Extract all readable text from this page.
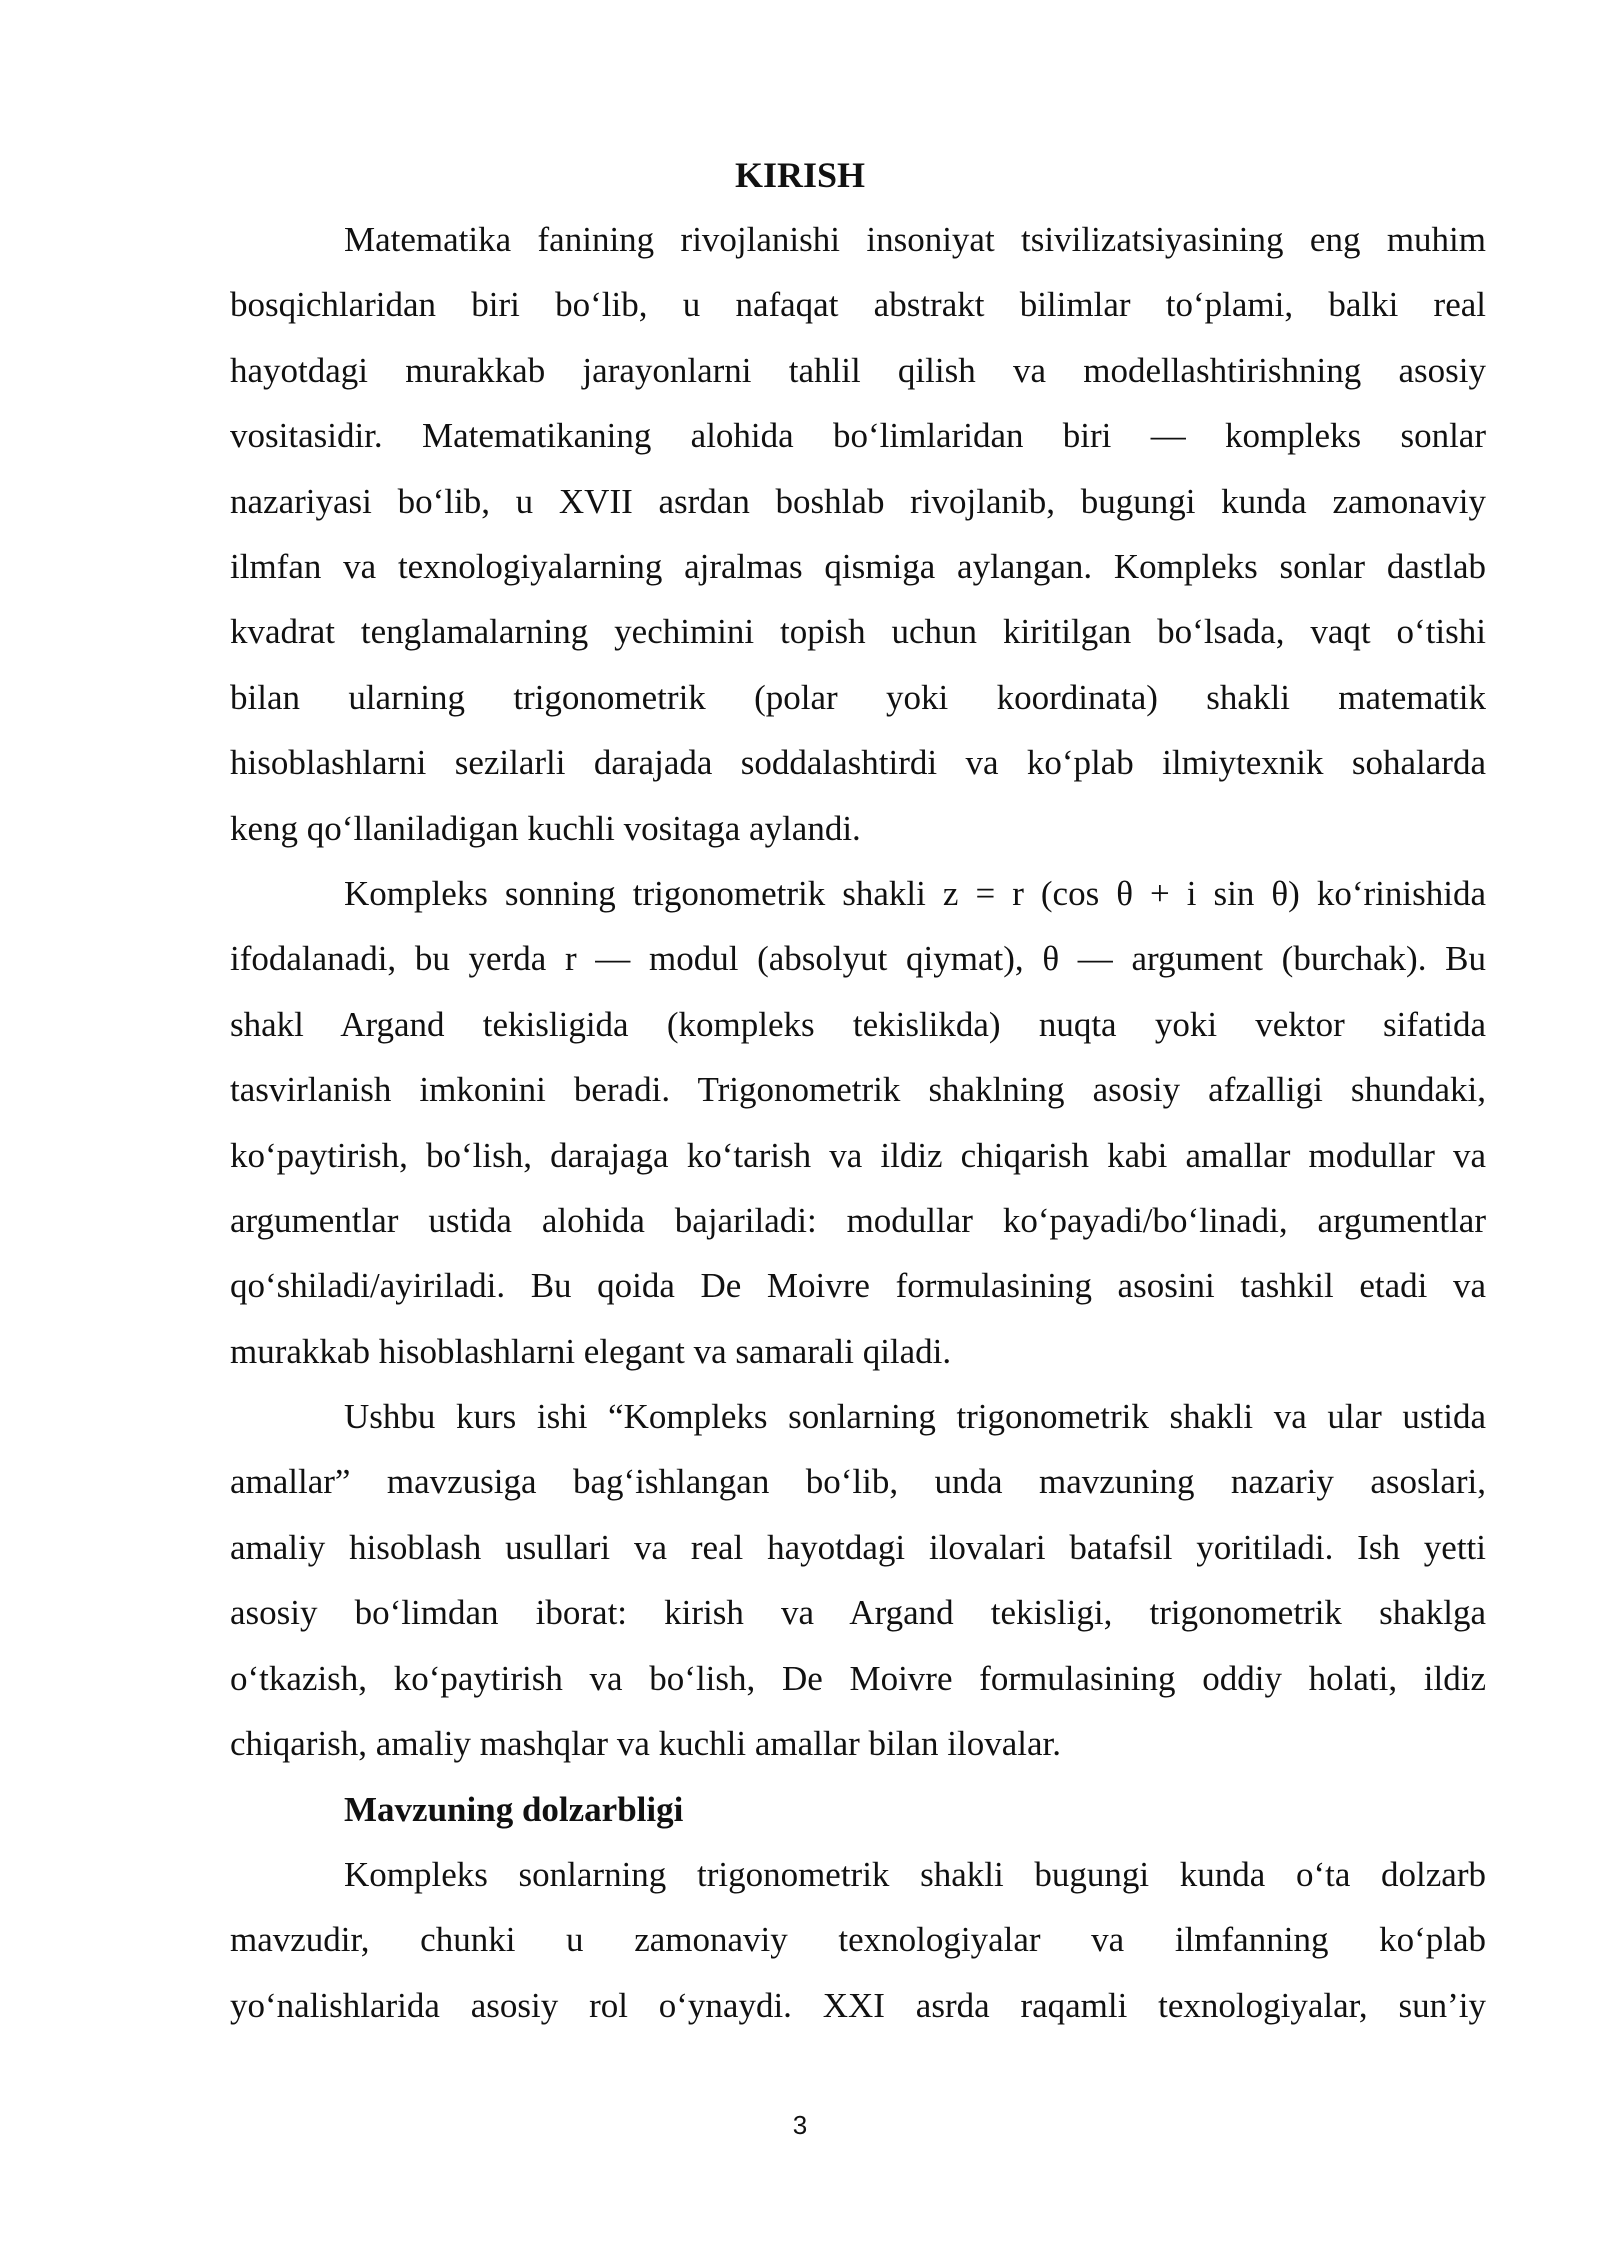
KIRISH
Matematika fanining rivojlanishi insoniyat tsivilizatsiyasining eng muhim
bosqichlaridan biri bo‘lib, u nafaqat abstrakt bilimlar to‘plami, balki real
hayotdagi murakkab jarayonlarni tahlil qilish va modellashtirishning asosiy
vositasidir. Matematikaning alohida bo‘limlaridan biri — kompleks sonlar
nazariyasi bo‘lib, u XVII asrdan boshlab rivojlanib, bugungi kunda zamonaviy
ilmfan va texnologiyalarning ajralmas qismiga aylangan. Kompleks sonlar dastlab
kvadrat tenglamalarning yechimini topish uchun kiritilgan bo‘lsada, vaqt o‘tishi
bilan ularning trigonometrik (polar yoki koordinata) shakli matematik
hisoblashlarni sezilarli darajada soddalashtirdi va ko‘plab ilmiytexnik sohalarda
keng qo‘llaniladigan kuchli vositaga aylandi.
Kompleks sonning trigonometrik shakli z = r (cos θ + i sin θ) ko‘rinishida
ifodalanadi, bu yerda r — modul (absolyut qiymat), θ — argument (burchak). Bu
shakl Argand tekisligida (kompleks tekislikda) nuqta yoki vektor sifatida
tasvirlanish imkonini beradi. Trigonometrik shaklning asosiy afzalligi shundaki,
ko‘paytirish, bo‘lish, darajaga ko‘tarish va ildiz chiqarish kabi amallar modullar va
argumentlar ustida alohida bajariladi: modullar ko‘payadi/bo‘linadi, argumentlar
qo‘shiladi/ayiriladi. Bu qoida De Moivre formulasining asosini tashkil etadi va
murakkab hisoblashlarni elegant va samarali qiladi.
Ushbu kurs ishi “Kompleks sonlarning trigonometrik shakli va ular ustida
amallar” mavzusiga bag‘ishlangan bo‘lib, unda mavzuning nazariy asoslari,
amaliy hisoblash usullari va real hayotdagi ilovalari batafsil yoritiladi. Ish yetti
asosiy bo‘limdan iborat: kirish va Argand tekisligi, trigonometrik shaklga
o‘tkazish, ko‘paytirish va bo‘lish, De Moivre formulasining oddiy holati, ildiz
chiqarish, amaliy mashqlar va kuchli amallar bilan ilovalar.
Mavzuning dolzarbligi
Kompleks sonlarning trigonometrik shakli bugungi kunda o‘ta dolzarb
mavzudir, chunki u zamonaviy texnologiyalar va ilmfanning ko‘plab
yo‘nalishlarida asosiy rol o‘ynaydi. XXI asrda raqamli texnologiyalar, sun’iy
3
